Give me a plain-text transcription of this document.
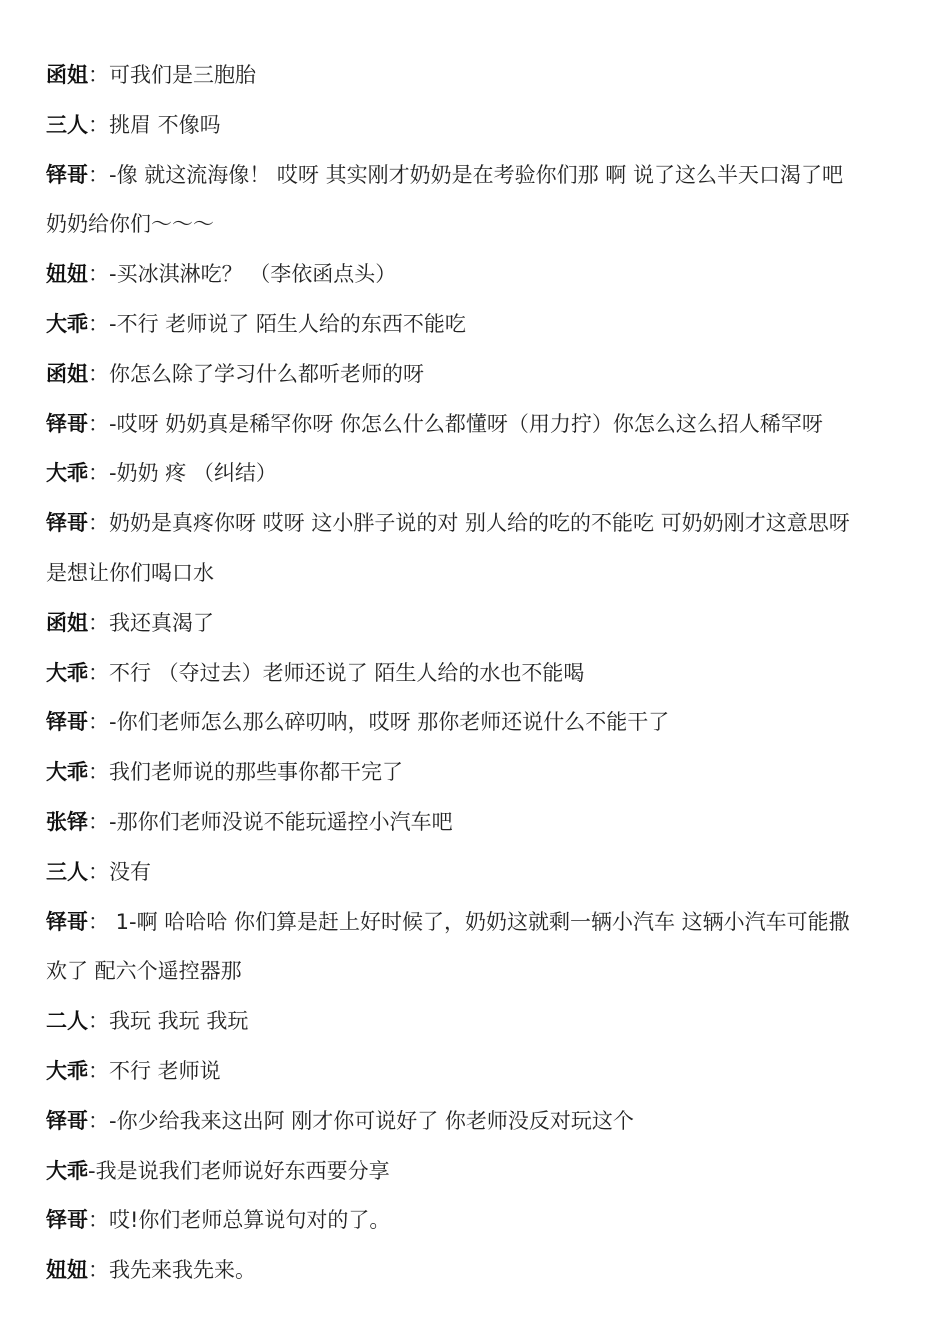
函姐：可我们是三胞胎
三人：挑眉 不像吗
铎哥：-像 就这流海像！ 哎呀 其实刚才奶奶是在考验你们那 啊 说了这么半天口渴了吧
奶奶给你们～～～
妞妞：-买冰淇淋吃？ （李依函点头）
大乖：-不行 老师说了 陌生人给的东西不能吃
函姐：你怎么除了学习什么都听老师的呀
铎哥：-哎呀 奶奶真是稀罕你呀 你怎么什么都懂呀（用力拧）你怎么这么招人稀罕呀
大乖：-奶奶 疼 （纠结）
铎哥：奶奶是真疼你呀 哎呀 这小胖子说的对 别人给的吃的不能吃 可奶奶刚才这意思呀
是想让你们喝口水
函姐：我还真渴了
大乖：不行 （夺过去）老师还说了 陌生人给的水也不能喝
铎哥：-你们老师怎么那么碎叨呐，哎呀 那你老师还说什么不能干了
大乖：我们老师说的那些事你都干完了
张铎：-那你们老师没说不能玩遥控小汽车吧
三人：没有
铎哥： 1-啊 哈哈哈 你们算是赶上好时候了，奶奶这就剩一辆小汽车 这辆小汽车可能撒
欢了 配六个遥控器那
二人：我玩 我玩 我玩
大乖：不行 老师说
铎哥：-你少给我来这出阿 刚才你可说好了 你老师没反对玩这个
大乖-我是说我们老师说好东西要分享
铎哥：哎!你们老师总算说句对的了。
妞妞：我先来我先来。
